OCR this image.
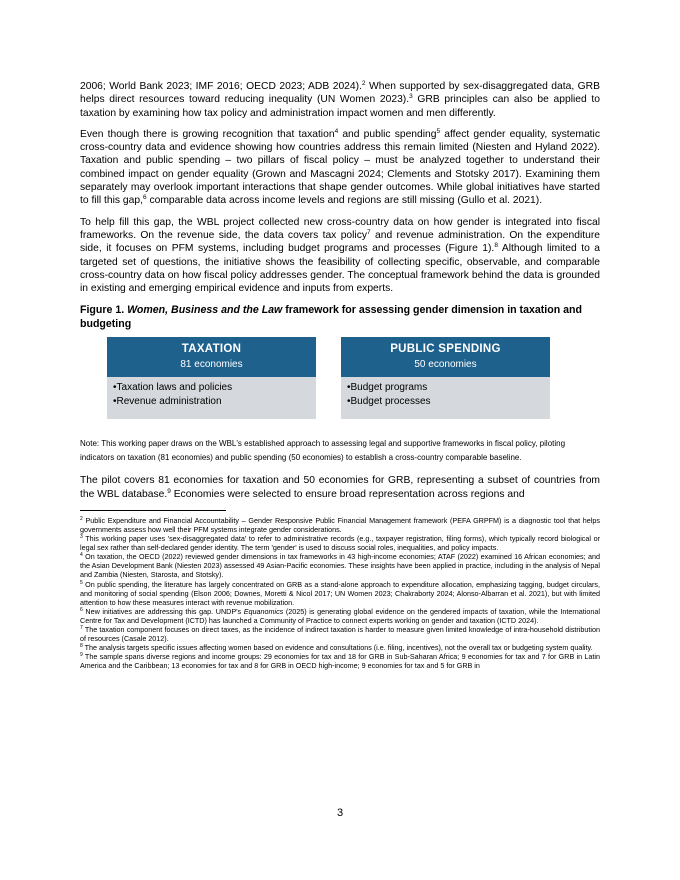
2006; World Bank 2023; IMF 2016; OECD 2023; ADB 2024).$^2$ When supported by sex-disaggregated data, GRB helps direct resources toward reducing inequality (UN Women 2023).$^3$ GRB principles can also be applied to taxation by examining how tax policy and administration impact women and men differently.

Even though there is growing recognition that taxation$^4$ and public spending$^5$ affect gender equality, systematic cross-country data and evidence showing how countries address this remain limited (Niesten and Hyland 2022). Taxation and public spending – two pillars of fiscal policy – must be analyzed together to understand their combined impact on gender equality (Grown and Mascagni 2024; Clements and Stotsky 2017). Examining them separately may overlook important interactions that shape gender outcomes. While global initiatives have started to fill this gap,$^6$ comparable data across income levels and regions are still missing (Gullo et al. 2021).

To help fill this gap, the WBL project collected new cross-country data on how gender is integrated into fiscal frameworks. On the revenue side, the data covers tax policy$^7$ and revenue administration. On the expenditure side, it focuses on PFM systems, including budget programs and processes (Figure 1).$^8$ Although limited to a targeted set of questions, the initiative shows the feasibility of collecting specific, observable, and comparable cross-country data on how fiscal policy addresses gender. The conceptual framework behind the data is grounded in existing and emerging empirical evidence and inputs from experts.

Figure 1. Women, Business and the Law framework for assessing gender dimension in taxation and budgeting
TAXATION
81 economies
•Taxation laws and policies
•Revenue administration
PUBLIC SPENDING
50 economies
•Budget programs
•Budget processes
Note: This working paper draws on the WBL's established approach to assessing legal and supportive frameworks in fiscal policy, piloting indicators on taxation (81 economies) and public spending (50 economies) to establish a cross-country comparable baseline.

The pilot covers 81 economies for taxation and 50 economies for GRB, representing a subset of countries from the WBL database.$^9$ Economies were selected to ensure broad representation across regions and

$^2$ Public Expenditure and Financial Accountability – Gender Responsive Public Financial Management framework (PEFA GRPFM) is a diagnostic tool that helps governments assess how well their PFM systems integrate gender considerations.

$^3$ This working paper uses 'sex-disaggregated data' to refer to administrative records (e.g., taxpayer registration, filing forms), which typically record biological or legal sex rather than self-declared gender identity. The term 'gender' is used to discuss social roles, inequalities, and policy impacts.

$^4$ On taxation, the OECD (2022) reviewed gender dimensions in tax frameworks in 43 high-income economies; ATAF (2022) examined 16 African economies; and the Asian Development Bank (Niesten 2023) assessed 49 Asian-Pacific economies. These insights have been applied in practice, including in the analysis of Nepal and Zambia (Niesten, Starosta, and Stotsky).

$^5$ On public spending, the literature has largely concentrated on GRB as a stand-alone approach to expenditure allocation, emphasizing tagging, budget circulars, and monitoring of social spending (Elson 2006; Downes, Moretti & Nicol 2017; UN Women 2023; Chakraborty 2024; Alonso-Albarran et al. 2021), but with limited attention to how these measures interact with revenue mobilization.

$^6$ New initiatives are addressing this gap. UNDP's Equanomics (2025) is generating global evidence on the gendered impacts of taxation, while the International Centre for Tax and Development (ICTD) has launched a Community of Practice to connect experts working on gender and taxation (ICTD 2024).

$^7$ The taxation component focuses on direct taxes, as the incidence of indirect taxation is harder to measure given limited knowledge of intra-household distribution of resources (Casale 2012).

$^8$ The analysis targets specific issues affecting women based on evidence and consultations (i.e. filing, incentives), not the overall tax or budgeting system quality.

$^9$ The sample spans diverse regions and income groups: 29 economies for tax and 18 for GRB in Sub-Saharan Africa; 9 economies for tax and 7 for GRB in Latin America and the Caribbean; 13 economies for tax and 8 for GRB in OECD high-income; 9 economies for tax and 5 for GRB in

3
